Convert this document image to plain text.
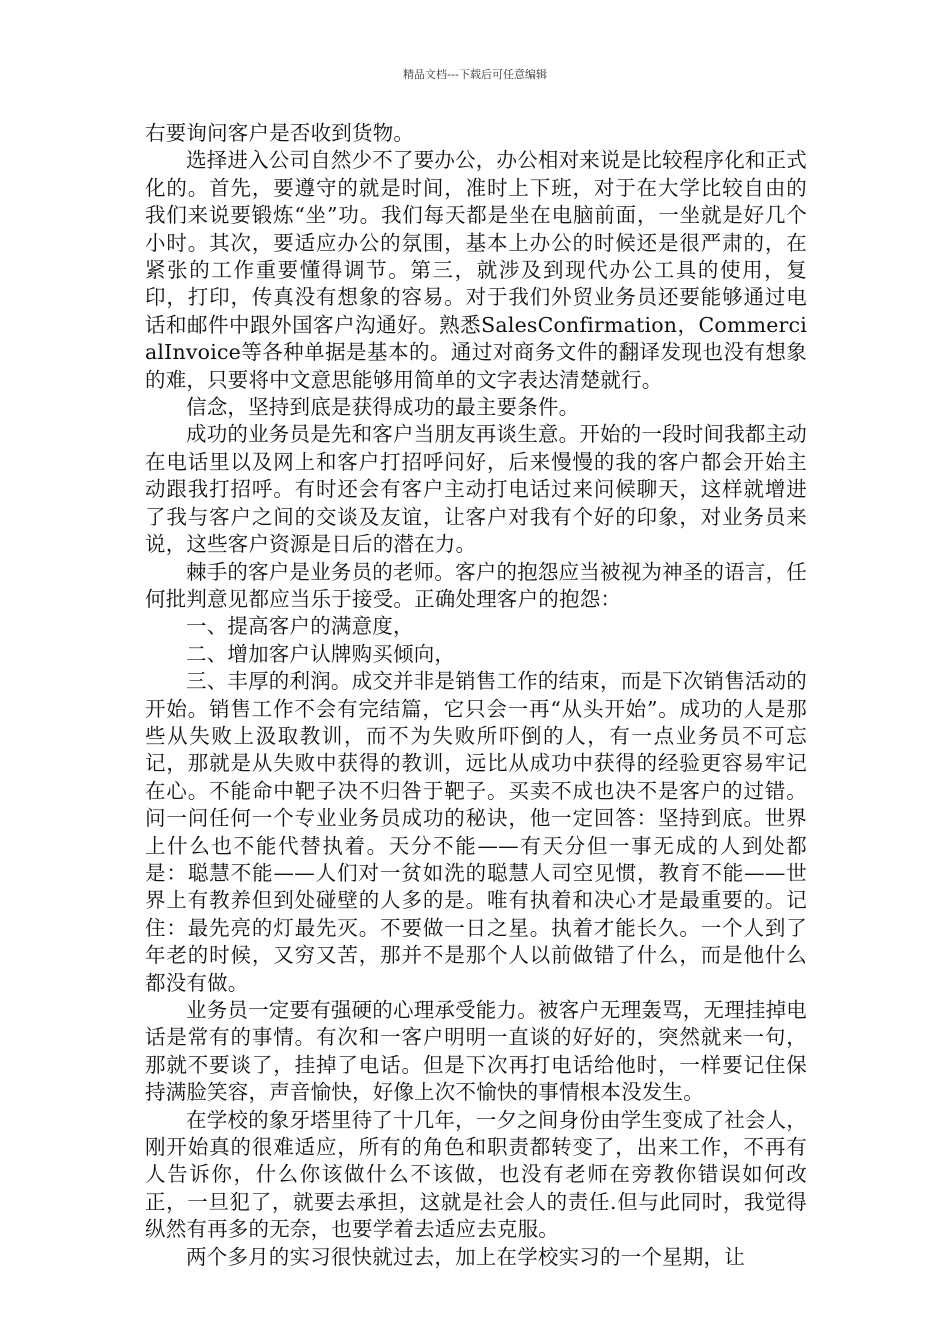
精品文档---下载后可任意编辑

右要询问客户是否收到货物。

选择进入公司自然少不了要办公，办公相对来说是比较程序化和正式化的。首先，要遵守的就是时间，准时上下班，对于在大学比较自由的我们来说要锻炼“坐”功。我们每天都是坐在电脑前面，一坐就是好几个小时。其次，要适应办公的氛围，基本上办公的时候还是很严肃的，在紧张的工作重要懂得调节。第三，就涉及到现代办公工具的使用，复印，打印，传真没有想象的容易。对于我们外贸业务员还要能够通过电话和邮件中跟外国客户沟通好。熟悉SalesConfirmation，CommercialInvoice等各种单据是基本的。通过对商务文件的翻译发现也没有想象的难，只要将中文意思能够用简单的文字表达清楚就行。

信念，坚持到底是获得成功的最主要条件。

成功的业务员是先和客户当朋友再谈生意。开始的一段时间我都主动在电话里以及网上和客户打招呼问好，后来慢慢的我的客户都会开始主动跟我打招呼。有时还会有客户主动打电话过来问候聊天，这样就增进了我与客户之间的交谈及友谊，让客户对我有个好的印象，对业务员来说，这些客户资源是日后的潜在力。

棘手的客户是业务员的老师。客户的抱怨应当被视为神圣的语言，任何批判意见都应当乐于接受。正确处理客户的抱怨：

一、提高客户的满意度，

二、增加客户认牌购买倾向，

三、丰厚的利润。成交并非是销售工作的结束，而是下次销售活动的开始。销售工作不会有完结篇，它只会一再“从头开始”。成功的人是那些从失败上汲取教训，而不为失败所吓倒的人，有一点业务员不可忘记，那就是从失败中获得的教训，远比从成功中获得的经验更容易牢记在心。不能命中靶子决不归咎于靶子。买卖不成也决不是客户的过错。问一问任何一个专业业务员成功的秘诀，他一定回答：坚持到底。世界上什么也不能代替执着。天分不能——有天分但一事无成的人到处都是：聪慧不能——人们对一贫如洗的聪慧人司空见惯，教育不能——世界上有教养但到处碰壁的人多的是。唯有执着和决心才是最重要的。记住：最先亮的灯最先灭。不要做一日之星。执着才能长久。一个人到了年老的时候，又穷又苦，那并不是那个人以前做错了什么，而是他什么都没有做。

业务员一定要有强硬的心理承受能力。被客户无理轰骂，无理挂掉电话是常有的事情。有次和一客户明明一直谈的好好的，突然就来一句，那就不要谈了，挂掉了电话。但是下次再打电话给他时，一样要记住保持满脸笑容，声音愉快，好像上次不愉快的事情根本没发生。

在学校的象牙塔里待了十几年，一夕之间身份由学生变成了社会人，刚开始真的很难适应，所有的角色和职责都转变了，出来工作，不再有人告诉你，什么你该做什么不该做，也没有老师在旁教你错误如何改正，一旦犯了，就要去承担，这就是社会人的责任.但与此同时，我觉得纵然有再多的无奈，也要学着去适应去克服。

两个多月的实习很快就过去，加上在学校实习的一个星期，让
